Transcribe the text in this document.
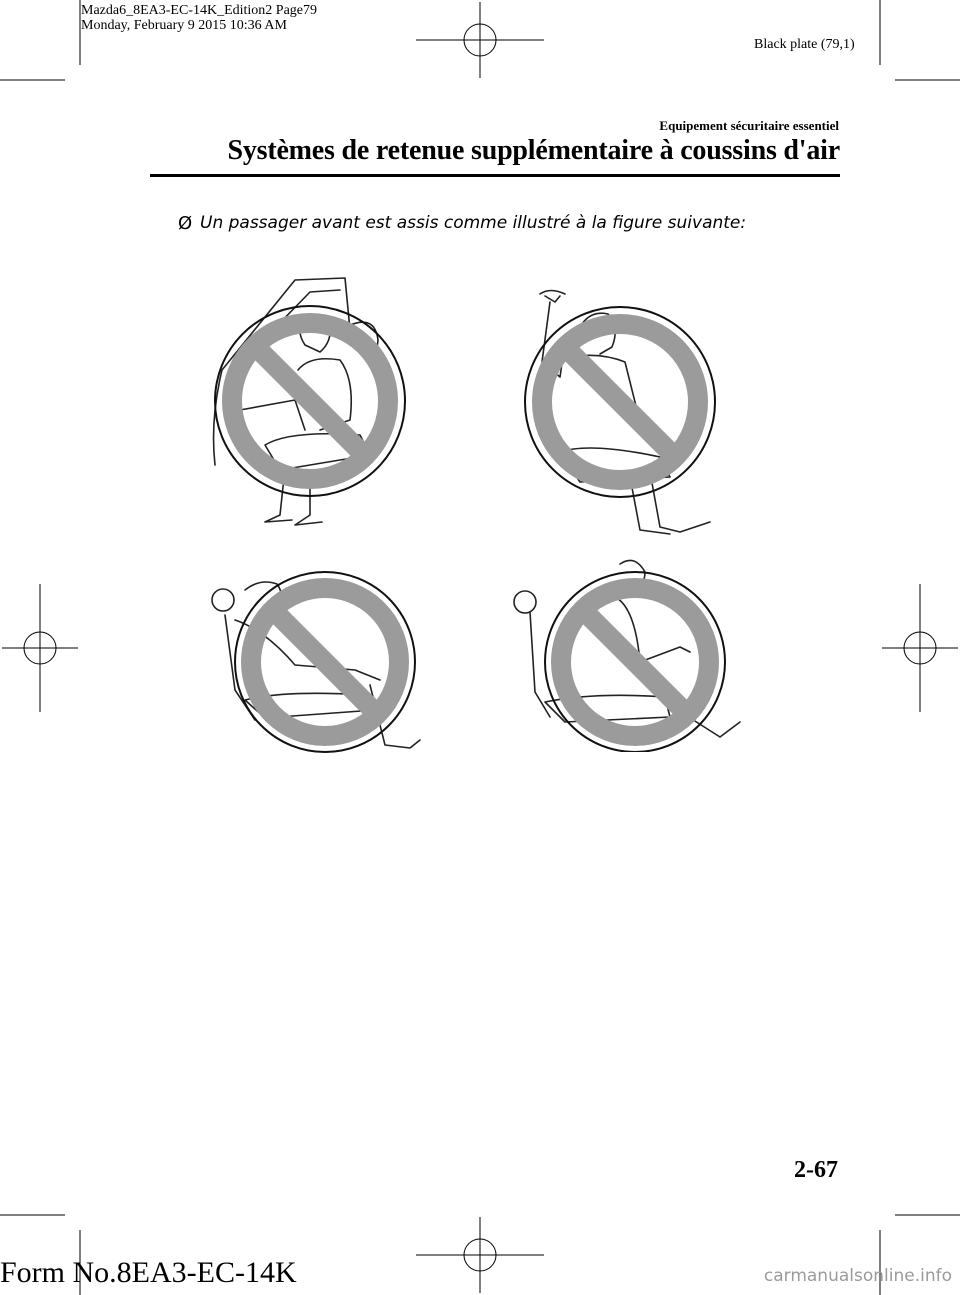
Mazda6_8EA3-EC-14K_Edition2 Page79
Monday, February 9 2015 10:36 AM
Black plate (79,1)
Equipement sécuritaire essentiel
Systèmes de retenue supplémentaire à coussins d'air
Ø Un passager avant est assis comme illustré à la figure suivante:
2-67
Form No.8EA3-EC-14K	carmanualsonline.info
